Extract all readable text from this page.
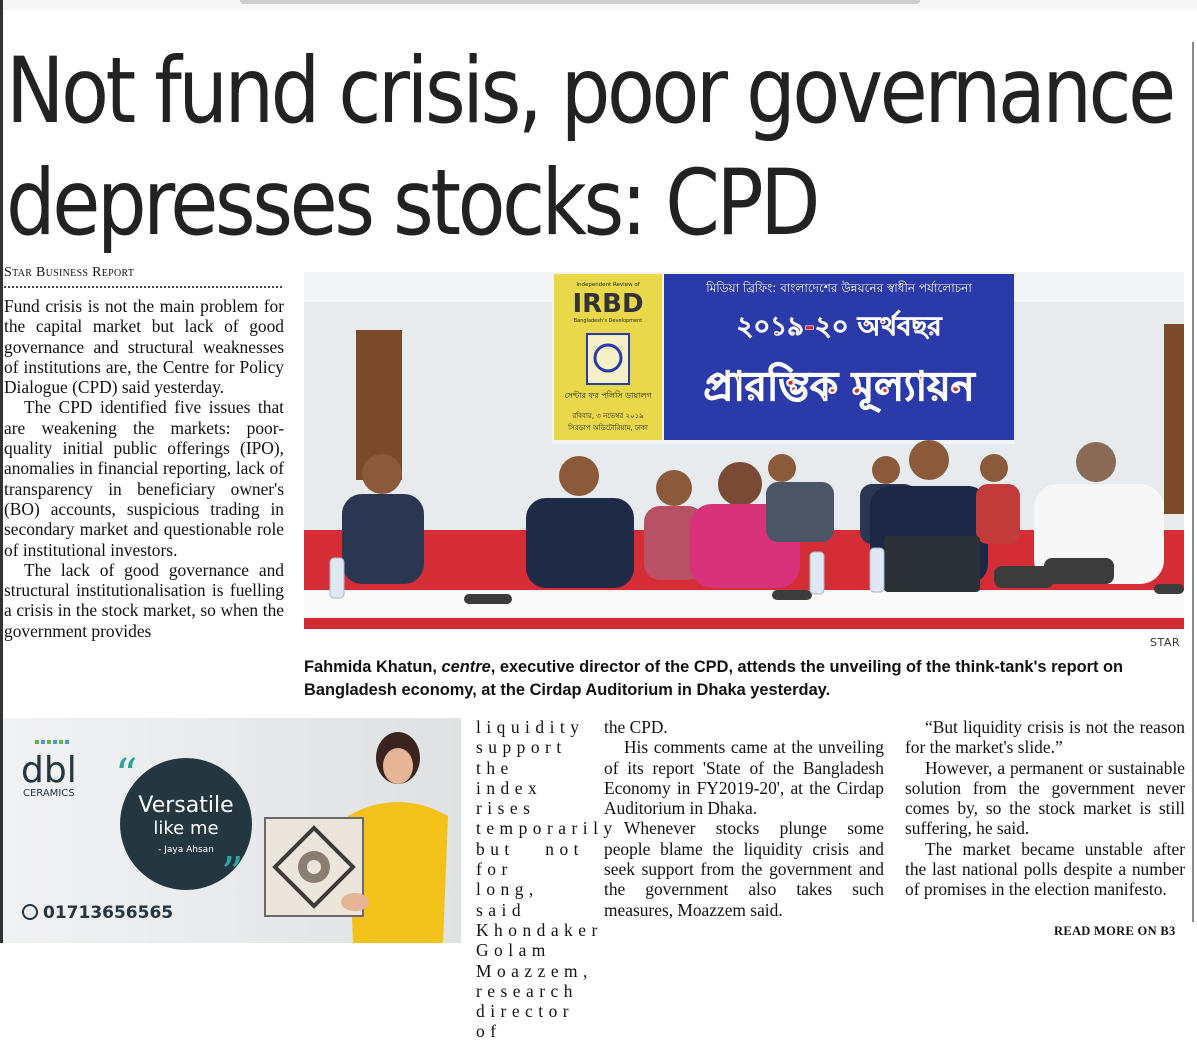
Not fund crisis, poor governance
depresses stocks: CPD
Star Business Report

Fund crisis is not the main problem for the capital market but lack of good governance and structural weaknesses of institutions are, the Centre for Policy Dialogue (CPD) said yesterday.

The CPD identified five issues that are weakening the markets: poor-quality initial public offerings (IPO), anomalies in financial reporting, lack of transparency in beneficiary owner's (BO) accounts, suspicious trading in secondary market and questionable role of institutional investors.

The lack of good governance and structural institutionalisation is fuelling a crisis in the stock market, so when the government provides

Independent Review of
IRBD
Bangladesh's Development
সেন্টার ফর পলিসি ডায়ালগ
রবিবার, ৩ নভেম্বর ২০১৯
সিরডাপ অডিটোরিয়াম, ঢাকা
মিডিয়া ব্রিফিং: বাংলাদেশের উন্নয়নের স্বাধীন পর্যালোচনা
২০১৯-২০ অর্থবছর
প্রারম্ভিক মূল্যায়ন
STAR
Fahmida Khatun, centre, executive director of the CPD, attends the unveiling of the think-tank's report on Bangladesh economy, at the Cirdap Auditorium in Dhaka yesterday.
dbl
CERAMICS “
Versatile
like me
- Jaya Ahsan ”
01713656565

liquidity support the index rises temporarily but not for long, said Khondaker Golam Moazzem, research director of

the CPD.

His comments came at the unveiling of its report 'State of the Bangladesh Economy in FY2019-20', at the Cirdap Auditorium in Dhaka.

Whenever stocks plunge some people blame the liquidity crisis and seek support from the government and the government also takes such measures, Moazzem said.

“But liquidity crisis is not the reason for the market's slide.”

However, a permanent or sustainable solution from the government never comes by, so the stock market is still suffering, he said.

The market became unstable after the last national polls despite a number of promises in the election manifesto.

READ MORE ON B3
